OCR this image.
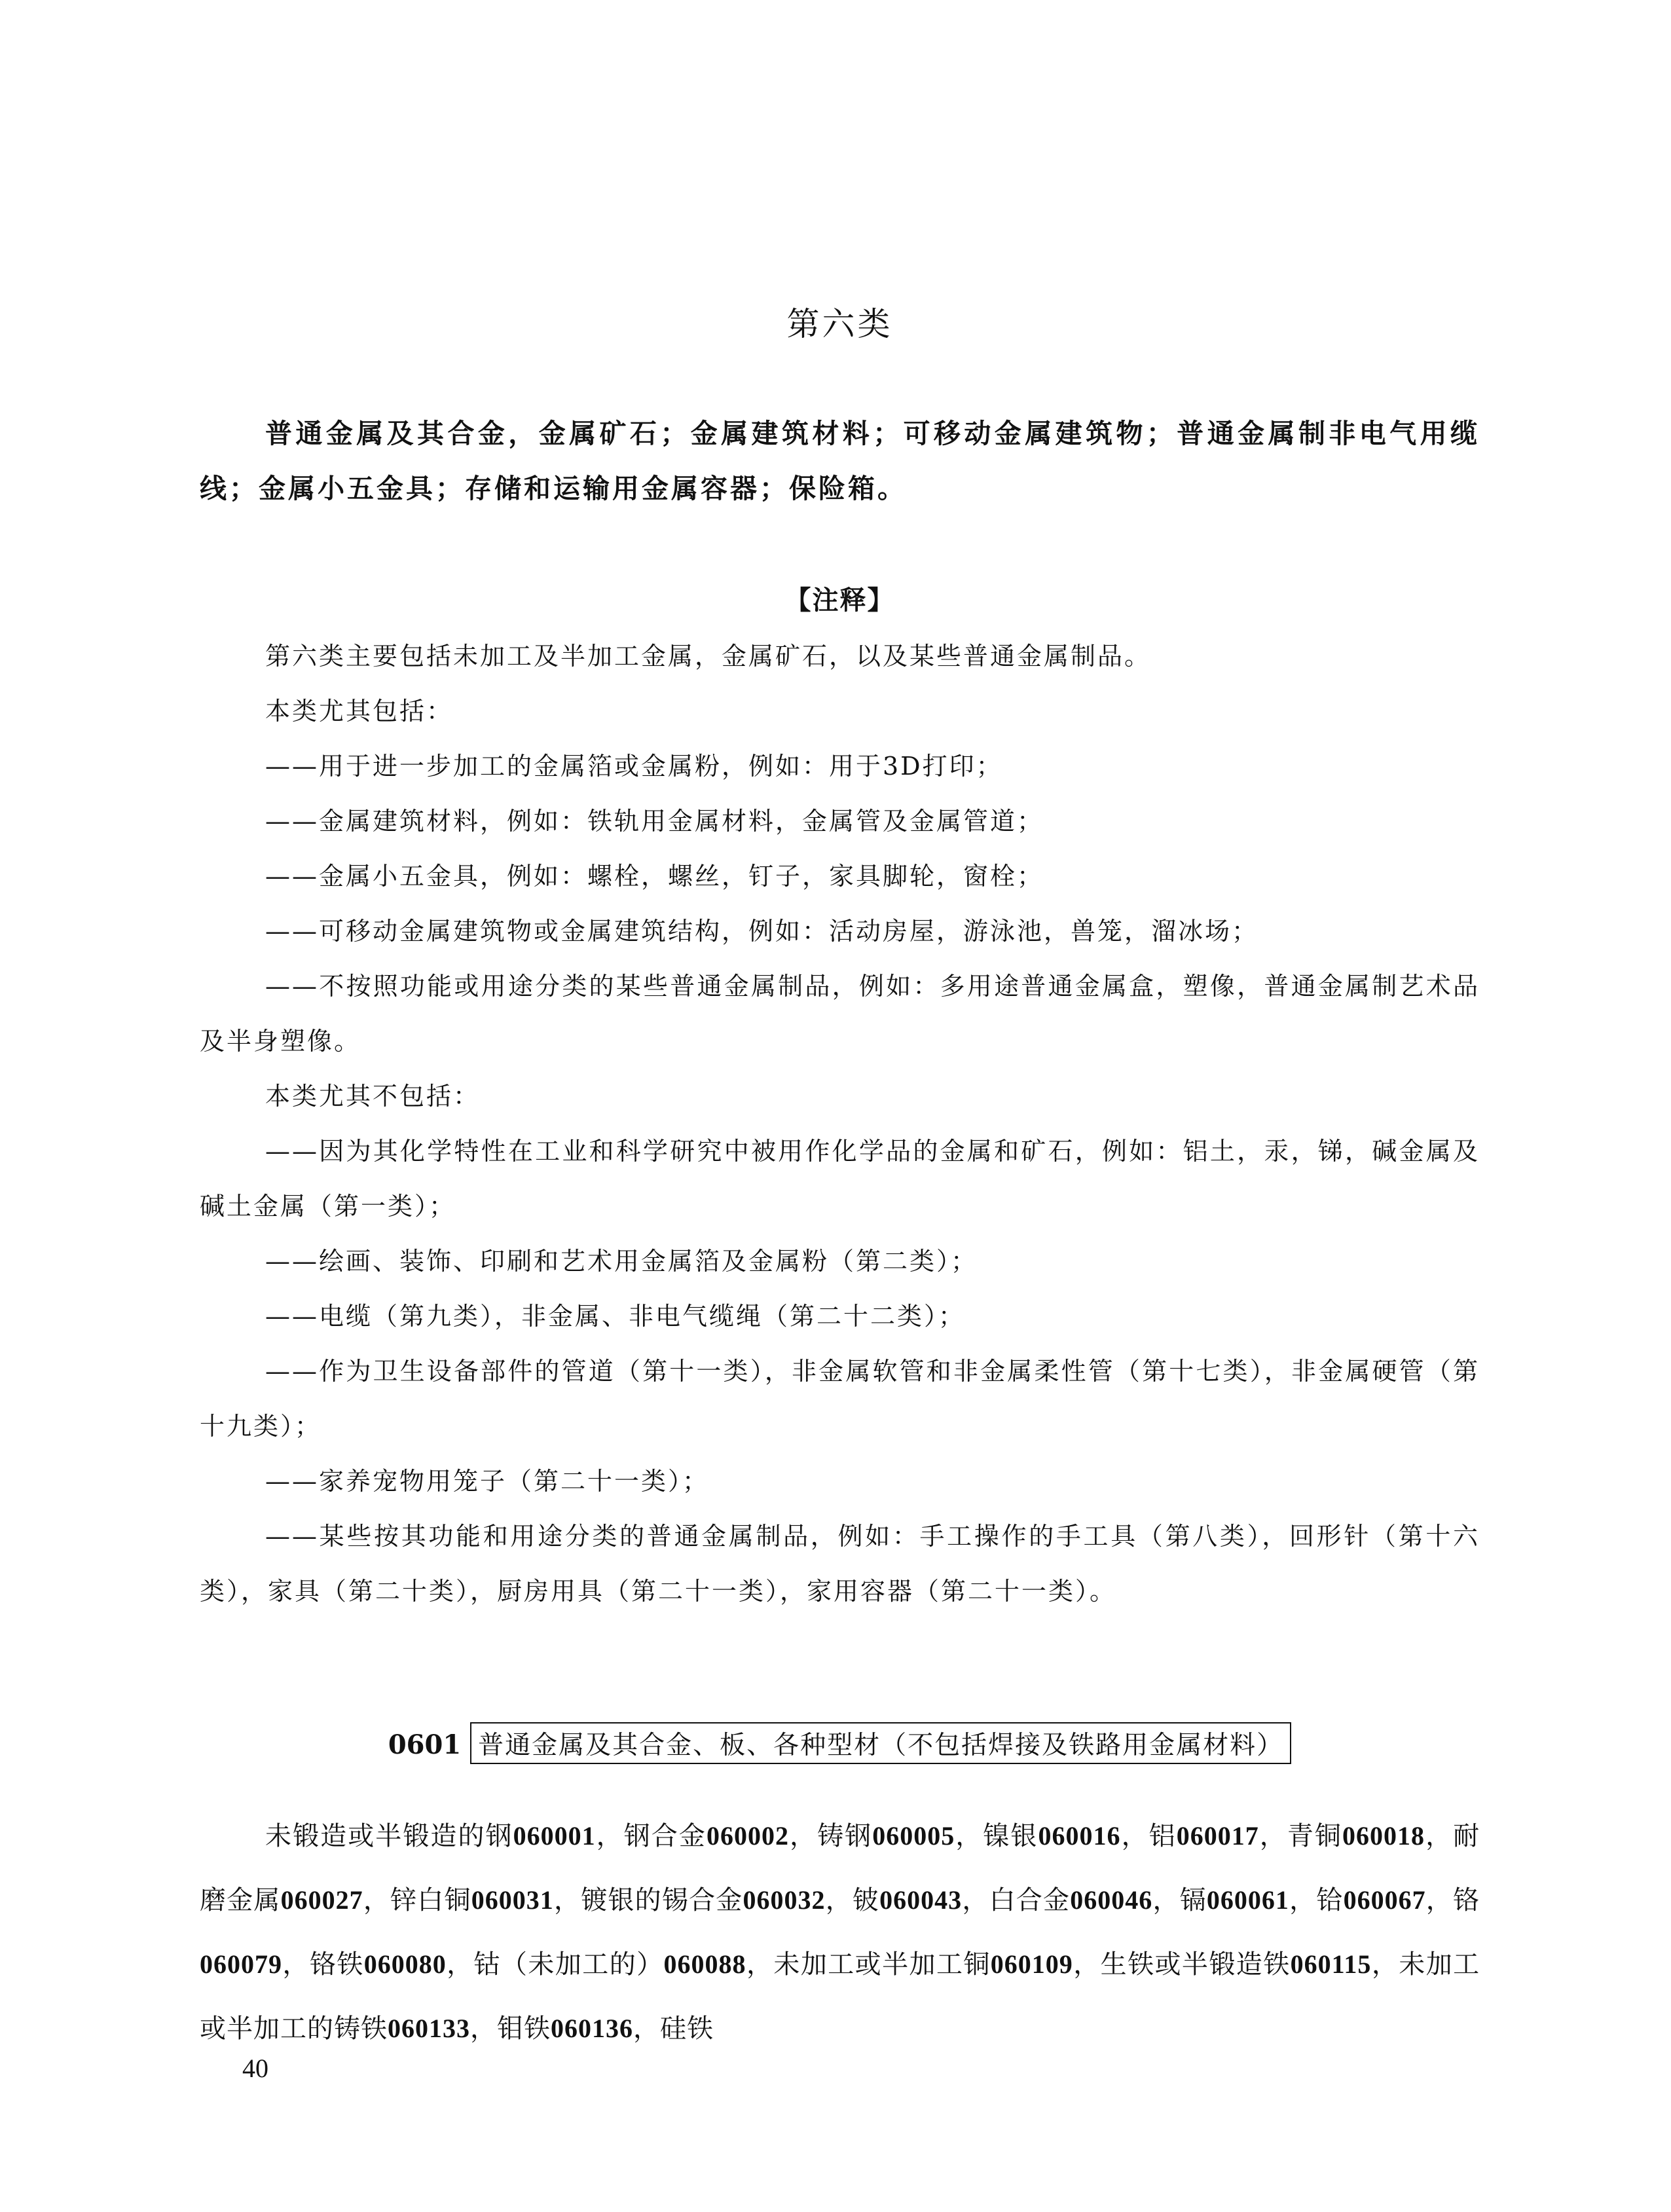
第六类
普通金属及其合金，金属矿石；金属建筑材料；可移动金属建筑物；普通金属制非电气用缆线；金属小五金具；存储和运输用金属容器；保险箱。
【注释】

第六类主要包括未加工及半加工金属，金属矿石，以及某些普通金属制品。

本类尤其包括：

——用于进一步加工的金属箔或金属粉，例如：用于3D打印；

——金属建筑材料，例如：铁轨用金属材料，金属管及金属管道；

——金属小五金具，例如：螺栓，螺丝，钉子，家具脚轮，窗栓；

——可移动金属建筑物或金属建筑结构，例如：活动房屋，游泳池，兽笼，溜冰场；

——不按照功能或用途分类的某些普通金属制品，例如：多用途普通金属盒，塑像，普通金属制艺术品及半身塑像。

本类尤其不包括：

——因为其化学特性在工业和科学研究中被用作化学品的金属和矿石，例如：铝土，汞，锑，碱金属及碱土金属（第一类）；

——绘画、装饰、印刷和艺术用金属箔及金属粉（第二类）；

——电缆（第九类），非金属、非电气缆绳（第二十二类）；

——作为卫生设备部件的管道（第十一类），非金属软管和非金属柔性管（第十七类），非金属硬管（第十九类）；

——家养宠物用笼子（第二十一类）；

——某些按其功能和用途分类的普通金属制品，例如：手工操作的手工具（第八类），回形针（第十六类），家具（第二十类），厨房用具（第二十一类），家用容器（第二十一类）。

0601 普通金属及其合金、板、各种型材（不包括焊接及铁路用金属材料）

未锻造或半锻造的钢060001，钢合金060002，铸钢060005，镍银060016，铝060017，青铜060018，耐磨金属060027，锌白铜060031，镀银的锡合金060032，铍060043，白合金060046，镉060061，铪060067，铬060079，铬铁060080，钴（未加工的）060088，未加工或半加工铜060109，生铁或半锻造铁060115，未加工或半加工的铸铁060133，钼铁060136，硅铁

40
